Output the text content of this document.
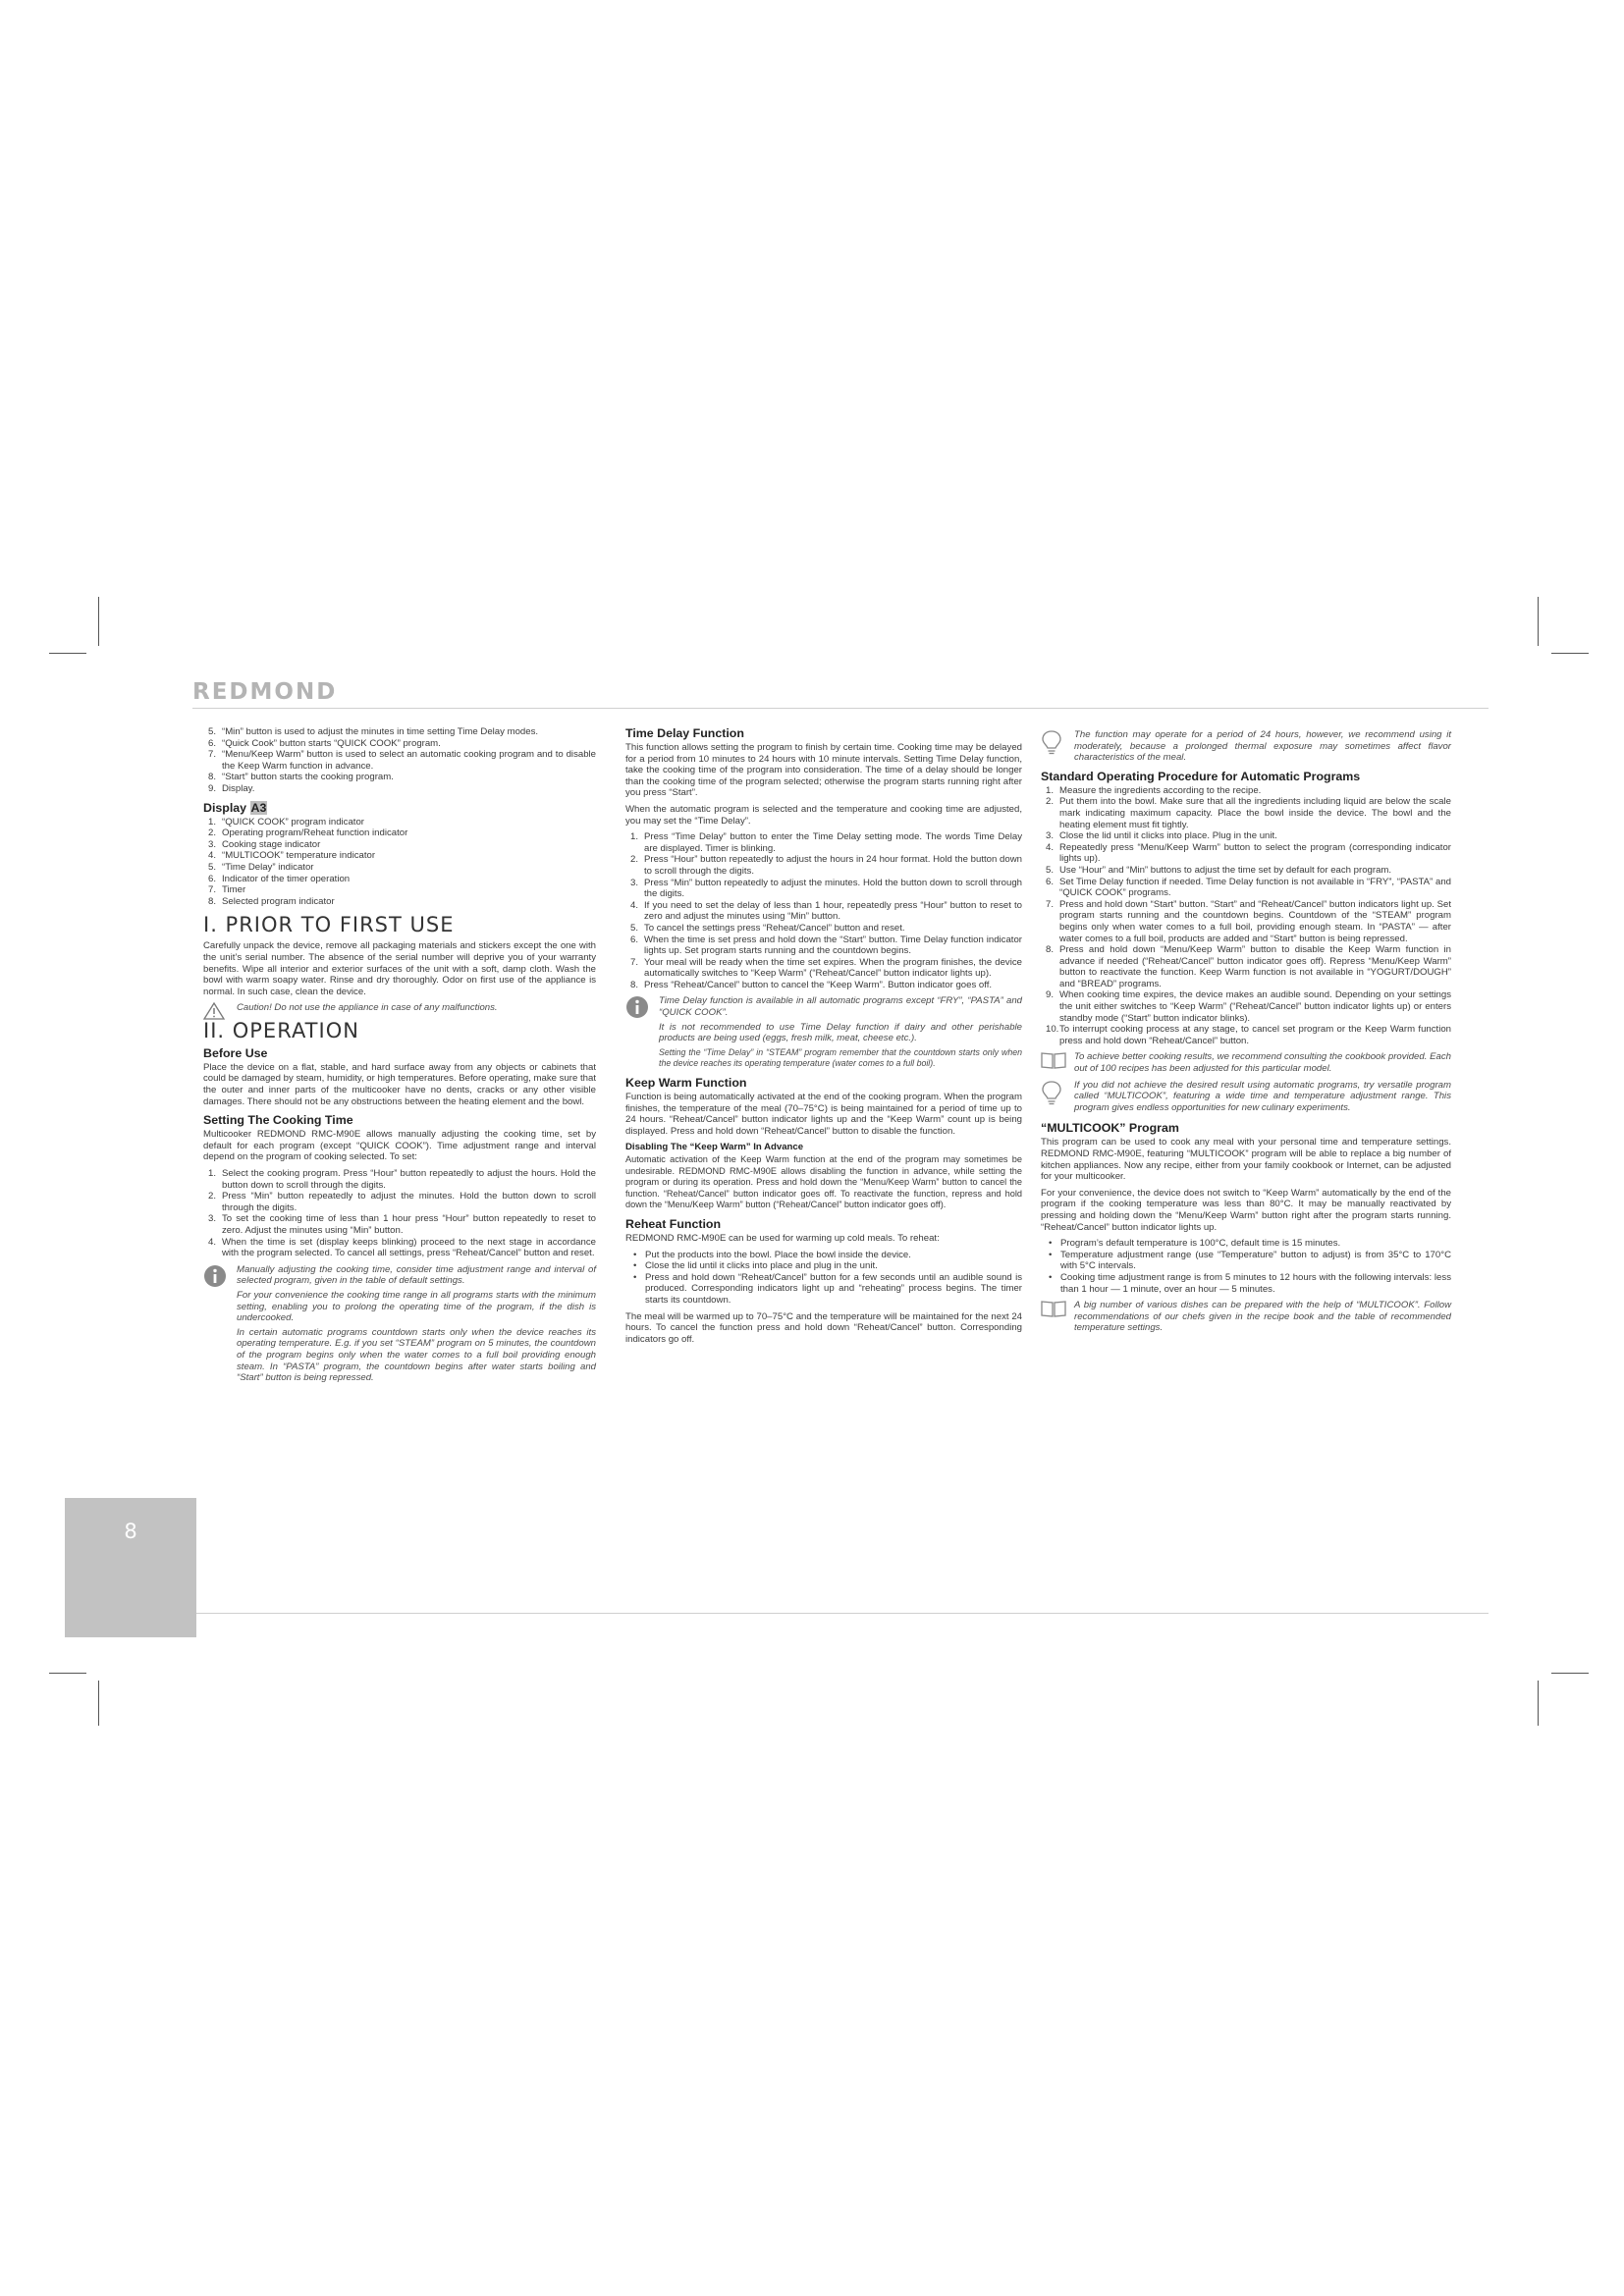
REDMOND
8
5. “Min” button is used to adjust the minutes in time setting Time Delay modes.
6. “Quick Cook” button starts “QUICK COOK” program.
7. “Menu/Keep Warm” button is used to select an automatic cooking program and to disable the Keep Warm function in advance.
8. “Start” button starts the cooking program.
9. Display.
Display A3
1. “QUICK COOK” program indicator
2. Operating program/Reheat function indicator
3. Cooking stage indicator
4. “MULTICOOK” temperature indicator
5. “Time Delay” indicator
6. Indicator of the timer operation
7. Timer
8. Selected program indicator
I. PRIOR TO FIRST USE

Carefully unpack the device, remove all packaging materials and stickers except the one with the unit’s serial number. The absence of the serial number will deprive you of your warranty benefits. Wipe all interior and exterior surfaces of the unit with a soft, damp cloth. Wash the bowl with warm soapy water. Rinse and dry thoroughly. Odor on first use of the appliance is normal. In such case, clean the device.

Caution! Do not use the appliance in case of any malfunctions.

II. OPERATION
Before Use

Place the device on a flat, stable, and hard surface away from any objects or cabinets that could be damaged by steam, humidity, or high temperatures. Before operating, make sure that the outer and inner parts of the multicooker have no dents, cracks or any other visible damages. There should not be any obstructions between the heating element and the bowl.

Setting The Cooking Time

Multicooker REDMOND RMC-M90E allows manually adjusting the cooking time, set by default for each program (except “QUICK COOK”). Time adjustment range and interval depend on the program of cooking selected. To set:

1. Select the cooking program. Press “Hour” button repeatedly to adjust the hours. Hold the button down to scroll through the digits.
2. Press “Min” button repeatedly to adjust the minutes. Hold the button down to scroll through the digits.
3. To set the cooking time of less than 1 hour press “Hour” button repeatedly to reset to zero. Adjust the minutes using “Min” button.
4. When the time is set (display keeps blinking) proceed to the next stage in accordance with the program selected. To cancel all settings, press “Reheat/Cancel” button and reset.

Manually adjusting the cooking time, consider time adjustment range and interval of selected program, given in the table of default settings.

For your convenience the cooking time range in all programs starts with the minimum setting, enabling you to prolong the operating time of the program, if the dish is undercooked.

In certain automatic programs countdown starts only when the device reaches its operating temperature. E.g. if you set “STEAM” program on 5 minutes, the countdown of the program begins only when the water comes to a full boil providing enough steam. In “PASTA” program, the countdown begins after water starts boiling and “Start” button is being repressed.

Time Delay Function

This function allows setting the program to finish by certain time. Cooking time may be delayed for a period from 10 minutes to 24 hours with 10 minute intervals. Setting Time Delay function, take the cooking time of the program into consideration. The time of a delay should be longer than the cooking time of the program selected; otherwise the program starts running right after you press “Start”.

When the automatic program is selected and the temperature and cooking time are adjusted, you may set the “Time Delay”.

1. Press “Time Delay” button to enter the Time Delay setting mode. The words Time Delay are displayed. Timer is blinking.
2. Press “Hour” button repeatedly to adjust the hours in 24 hour format. Hold the button down to scroll through the digits.
3. Press “Min” button repeatedly to adjust the minutes. Hold the button down to scroll through the digits.
4. If you need to set the delay of less than 1 hour, repeatedly press “Hour” button to reset to zero and adjust the minutes using “Min” button.
5. To cancel the settings press “Reheat/Cancel” button and reset.
6. When the time is set press and hold down the “Start” button. Time Delay function indicator lights up. Set program starts running and the countdown begins.
7. Your meal will be ready when the time set expires. When the program finishes, the device automatically switches to “Keep Warm” (“Reheat/Cancel” button indicator lights up).
8. Press “Reheat/Cancel” button to cancel the “Keep Warm”. Button indicator goes off.

Time Delay function is available in all automatic programs except “FRY”, “PASTA” and “QUICK COOK”.

It is not recommended to use Time Delay function if dairy and other perishable products are being used (eggs, fresh milk, meat, cheese etc.).

Setting the “Time Delay” in “STEAM” program remember that the countdown starts only when the device reaches its operating temperature (water comes to a full boil).

Keep Warm Function

Function is being automatically activated at the end of the cooking program. When the program finishes, the temperature of the meal (70–75°C) is being maintained for a period of time up to 24 hours. “Reheat/Cancel” button indicator lights up and the “Keep Warm” count up is being displayed. Press and hold down “Reheat/Cancel” button to disable the function.

Disabling The “Keep Warm” In Advance

Automatic activation of the Keep Warm function at the end of the program may sometimes be undesirable. REDMOND RMC-M90E allows disabling the function in advance, while setting the program or during its operation. Press and hold down the “Menu/Keep Warm” button to cancel the function. “Reheat/Cancel” button indicator goes off. To reactivate the function, repress and hold down the “Menu/Keep Warm” button (“Reheat/Cancel” button indicator goes off).

Reheat Function

REDMOND RMC-M90E can be used for warming up cold meals. To reheat:

• Put the products into the bowl. Place the bowl inside the device.
• Close the lid until it clicks into place and plug in the unit.
• Press and hold down “Reheat/Cancel” button for a few seconds until an audible sound is produced. Corresponding indicators light up and “reheating” process begins. The timer starts its countdown.

The meal will be warmed up to 70–75°C and the temperature will be maintained for the next 24 hours. To cancel the function press and hold down “Reheat/Cancel” button. Corresponding indicators go off.

The function may operate for a period of 24 hours, however, we recommend using it moderately, because a prolonged thermal exposure may sometimes affect flavor characteristics of the meal.

Standard Operating Procedure for Automatic Programs
1. Measure the ingredients according to the recipe.
2. Put them into the bowl. Make sure that all the ingredients including liquid are below the scale mark indicating maximum capacity. Place the bowl inside the device. The bowl and the heating element must fit tightly.
3. Close the lid until it clicks into place. Plug in the unit.
4. Repeatedly press “Menu/Keep Warm” button to select the program (corresponding indicator lights up).
5. Use “Hour” and “Min” buttons to adjust the time set by default for each program.
6. Set Time Delay function if needed. Time Delay function is not available in “FRY”, “PASTA” and “QUICK COOK” programs.
7. Press and hold down “Start” button. “Start” and “Reheat/Cancel” button indicators light up. Set program starts running and the countdown begins. Countdown of the “STEAM” program begins only when water comes to a full boil, providing enough steam. In “PASTA” — after water comes to a full boil, products are added and “Start” button is being repressed.
8. Press and hold down “Menu/Keep Warm” button to disable the Keep Warm function in advance if needed (“Reheat/Cancel” button indicator goes off). Repress “Menu/Keep Warm” button to reactivate the function. Keep Warm function is not available in “YOGURT/DOUGH” and “BREAD” programs.
9. When cooking time expires, the device makes an audible sound. Depending on your settings the unit either switches to “Keep Warm” (“Reheat/Cancel” button indicator lights up) or enters standby mode (“Start” button indicator blinks).
10. To interrupt cooking process at any stage, to cancel set program or the Keep Warm function press and hold down “Reheat/Cancel” button.

To achieve better cooking results, we recommend consulting the cookbook provided. Each out of 100 recipes has been adjusted for this particular model.

If you did not achieve the desired result using automatic programs, try versatile program called “MULTICOOK”, featuring a wide time and temperature adjustment range. This program gives endless opportunities for new culinary experiments.

“MULTICOOK” Program

This program can be used to cook any meal with your personal time and temperature settings. REDMOND RMC-M90E, featuring “MULTICOOK” program will be able to replace a big number of kitchen appliances. Now any recipe, either from your family cookbook or Internet, can be adjusted for your multicooker.

For your convenience, the device does not switch to “Keep Warm” automatically by the end of the program if the cooking temperature was less than 80°C. It may be manually reactivated by pressing and holding down the “Menu/Keep Warm” button right after the program starts running. “Reheat/Cancel” button indicator lights up.

• Program’s default temperature is 100°C, default time is 15 minutes.
• Temperature adjustment range (use “Temperature” button to adjust) is from 35°C to 170°C with 5°C intervals.
• Cooking time adjustment range is from 5 minutes to 12 hours with the following intervals: less than 1 hour — 1 minute, over an hour — 5 minutes.

A big number of various dishes can be prepared with the help of “MULTICOOK”. Follow recommendations of our chefs given in the recipe book and the table of recommended temperature settings.
